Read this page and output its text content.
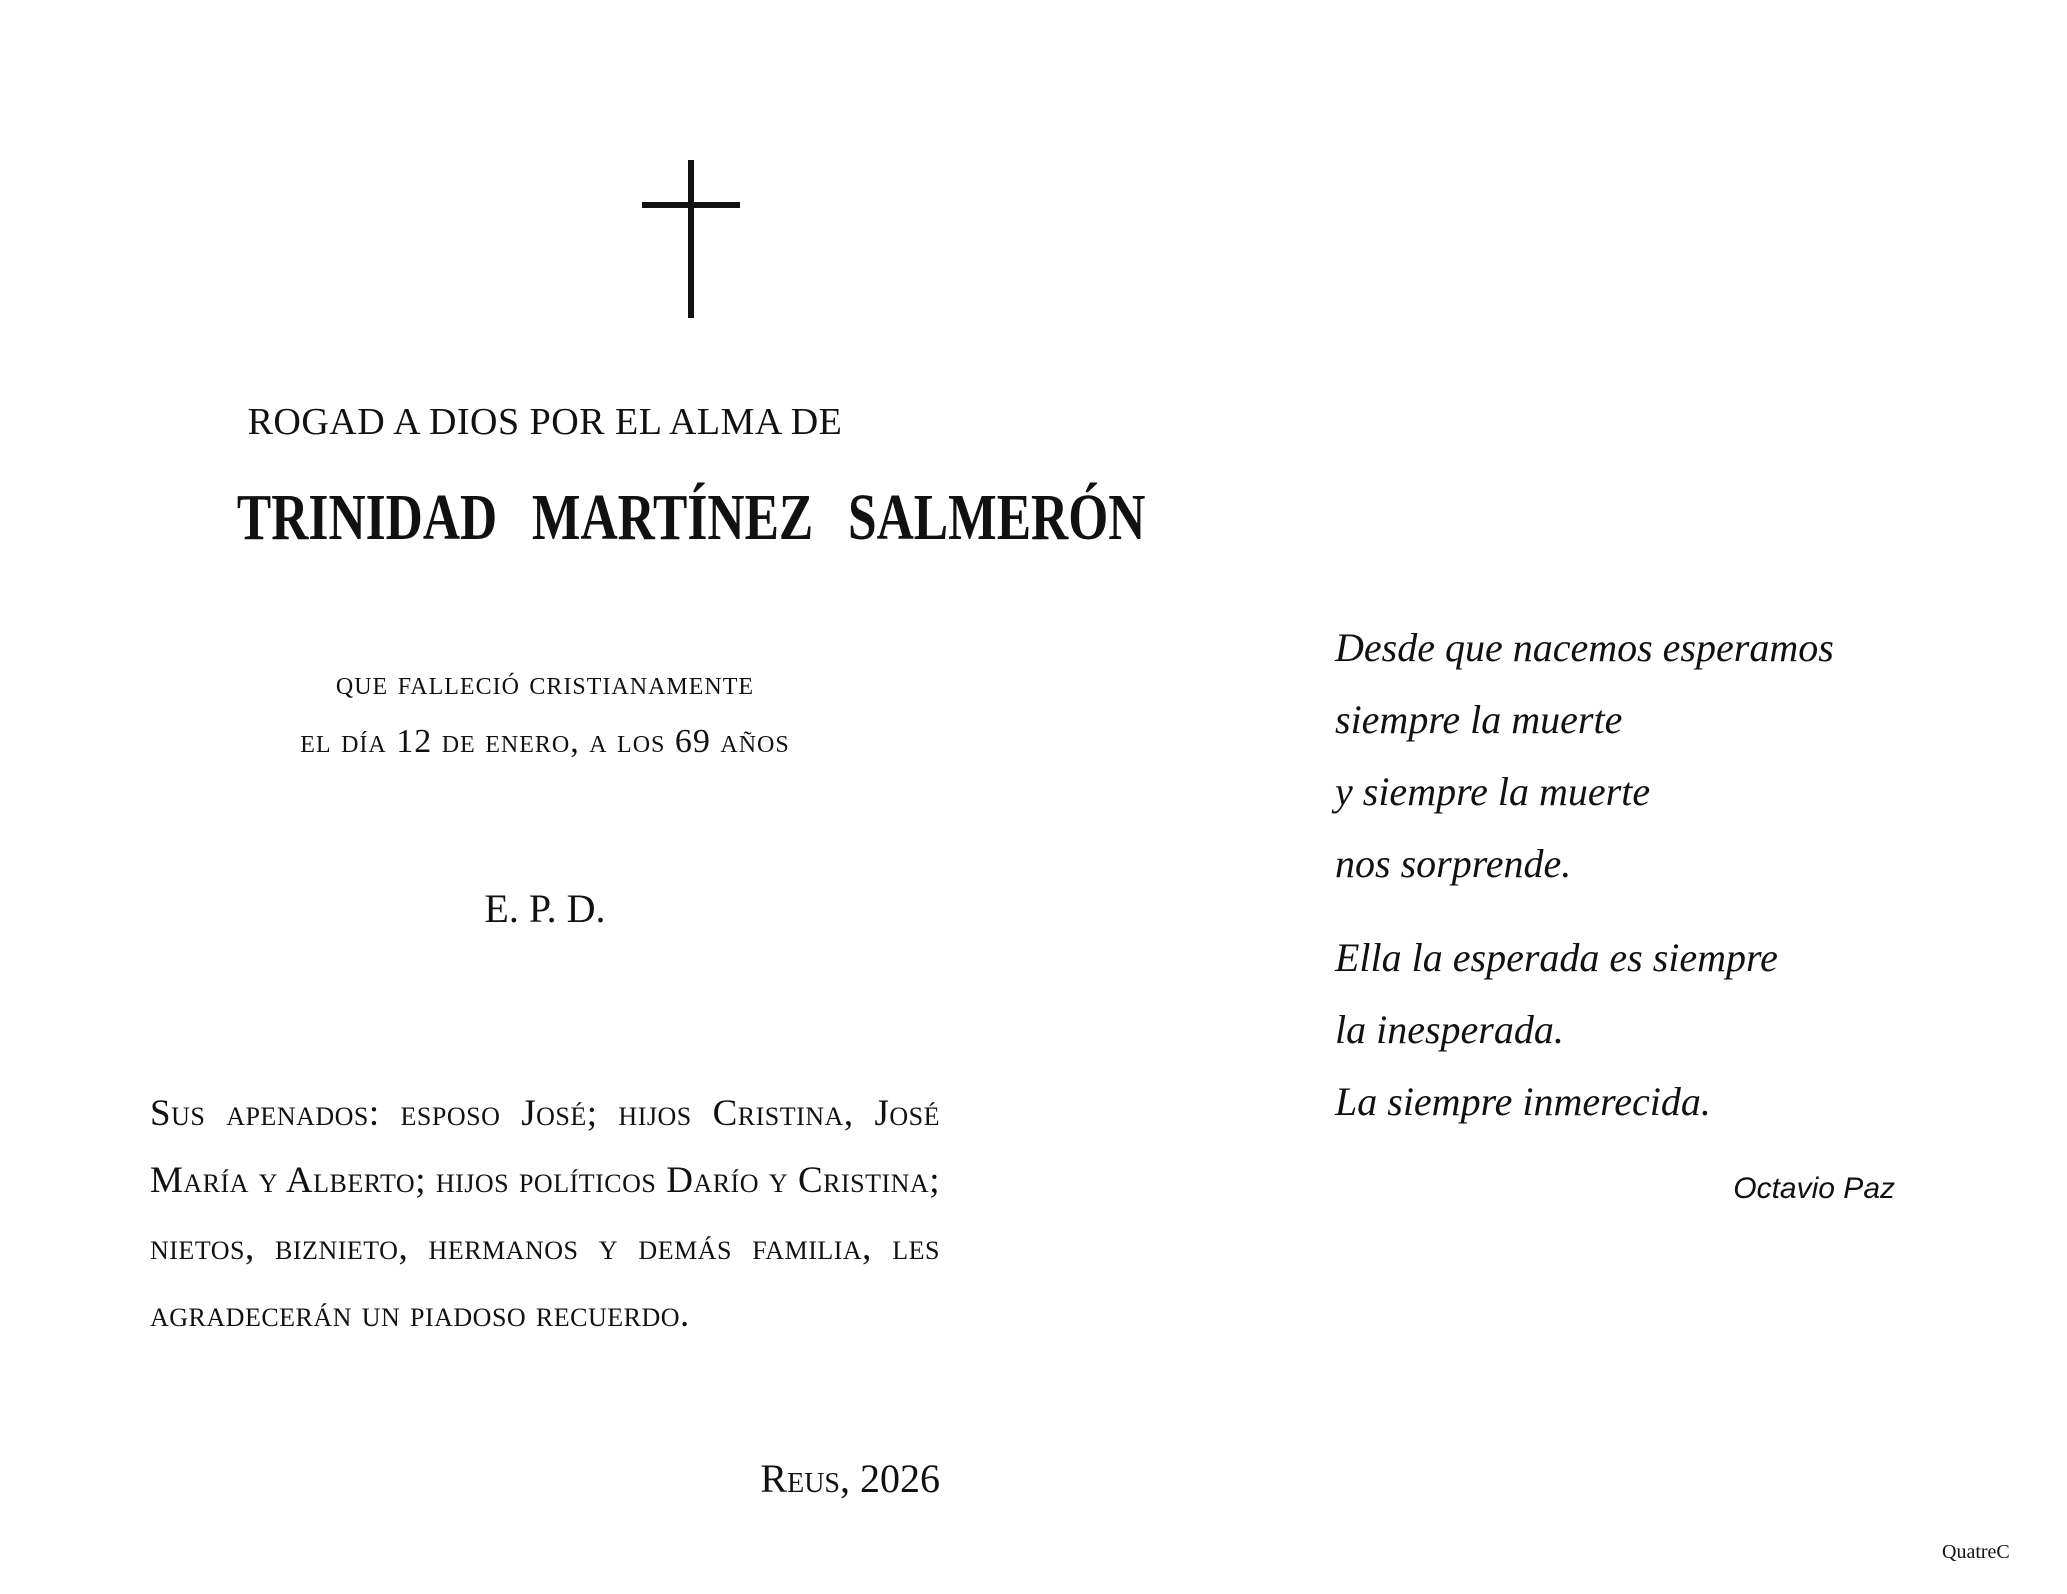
ROGAD A DIOS POR EL ALMA DE
TRINIDAD MARTÍNEZ SALMERÓN
que falleció cristianamente
el día 12 de enero, a los 69 años
E. P. D.
Sus apenados: esposo José; hijos Cristina, José María y Alberto; hijos políticos Darío y Cristina; nietos, biznieto, hermanos y demás familia, les agradecerán un piadoso recuerdo.
Reus, 2026
Desde que nacemos esperamos
siempre la muerte
y siempre la muerte
nos sorprende.
Ella la esperada es siempre
la inesperada.
La siempre inmerecida.
Octavio Paz
QuatreC
